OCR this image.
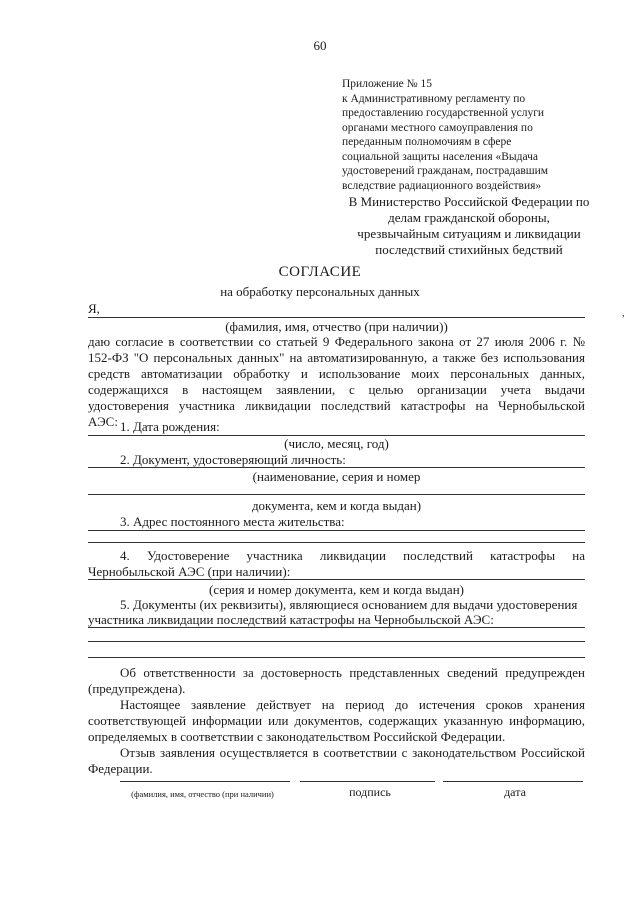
60
Приложение № 15
к Административному регламенту по
предоставлению государственной услуги
органами местного самоуправления по
переданным полномочиям в сфере
социальной защиты населения «Выдача
удостоверений гражданам, пострадавшим
вследствие радиационного воздействия»
В Министерство Российской Федерации по
делам гражданской обороны,
чрезвычайным ситуациям и ликвидации
последствий стихийных бедствий
СОГЛАСИЕ
на обработку персональных данных
Я,
(фамилия, имя, отчество (при наличии))
даю согласие в соответствии со статьей 9 Федерального закона от 27 июля 2006 г. №
152-ФЗ "О персональных данных" на автоматизированную, а также без использования
средств автоматизации обработку и использование моих персональных данных,
содержащихся в настоящем заявлении, с целью организации учета выдачи
удостоверения участника ликвидации последствий катастрофы на Чернобыльской
АЭС: 1. Дата рождения:
(число, месяц, год)
2. Документ, удостоверяющий личность:
(наименование, серия и номер
документа, кем и когда выдан)
3. Адрес постоянного места жительства:
4. Удостоверение участника ликвидации последствий катастрофы на
Чернобыльской АЭС (при наличии):
(серия и номер документа, кем и когда выдан)
5. Документы (их реквизиты), являющиеся основанием для выдачи удостоверения
участника ликвидации последствий катастрофы на Чернобыльской АЭС:
Об ответственности за достоверность представленных сведений предупрежден
(предупреждена).
Настоящее заявление действует на период до истечения сроков хранения
соответствующей информации или документов, содержащих указанную информацию,
определяемых в соответствии с законодательством Российской Федерации.
Отзыв заявления осуществляется в соответствии с законодательством Российской
Федерации.
(фамилия, имя, отчество (при наличии)	подпись	дата
,
